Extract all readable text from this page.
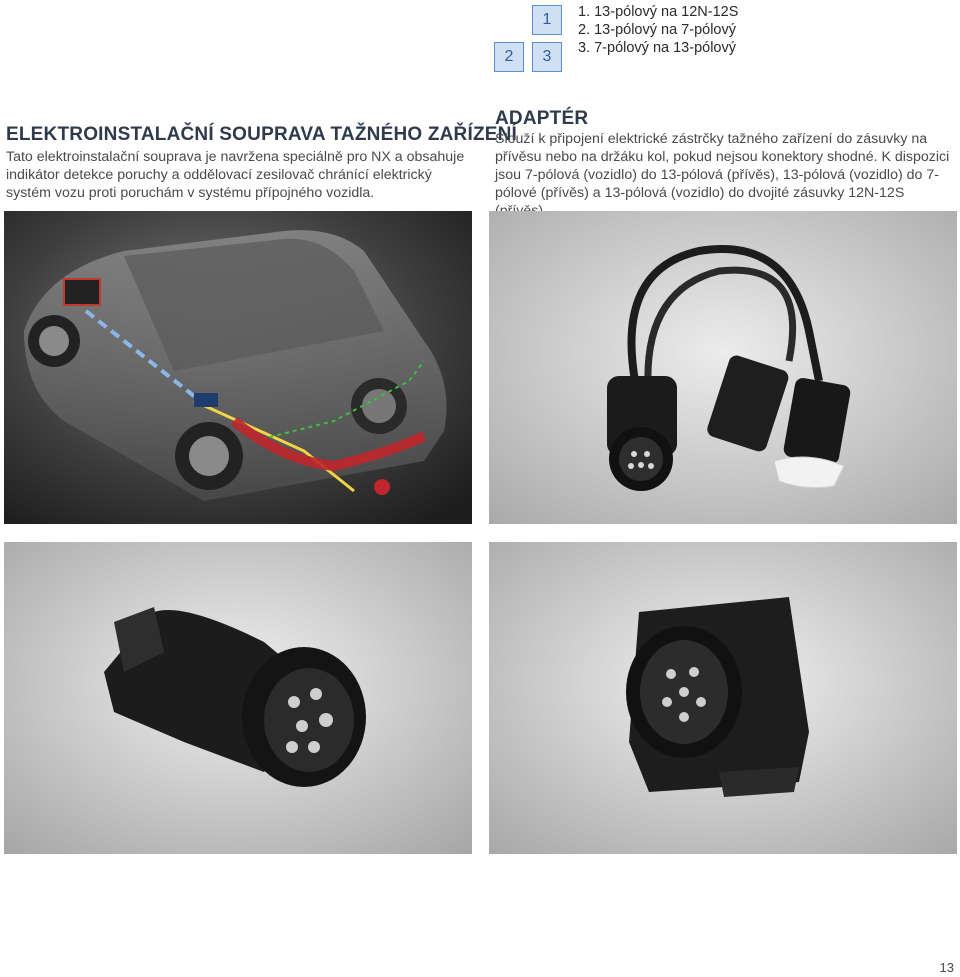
1
2	3
1. 13-pólový na 12N-12S
2. 13-pólový na 7-pólový
3. 7-pólový na 13-pólový
ELEKTROINSTALAČNÍ SOUPRAVA TAŽNÉHO ZAŘÍZENÍ

Tato elektroinstalační souprava je navržena speciálně pro NX a obsahuje indikátor detekce poruchy a oddělovací zesilovač chránící elektrický systém vozu proti poruchám v systému přípojného vozidla.

ADAPTÉR

Slouží k připojení elektrické zástrčky tažného zařízení do zásuvky na přívěsu nebo na držáku kol, pokud nejsou konektory shodné. K dispozici jsou 7-pólová (vozidlo) do 13-pólová (přívěs), 13-pólová (vozidlo) do 7-pólové (přívěs) a 13-pólová (vozidlo) do dvojité zásuvky 12N-12S

13
